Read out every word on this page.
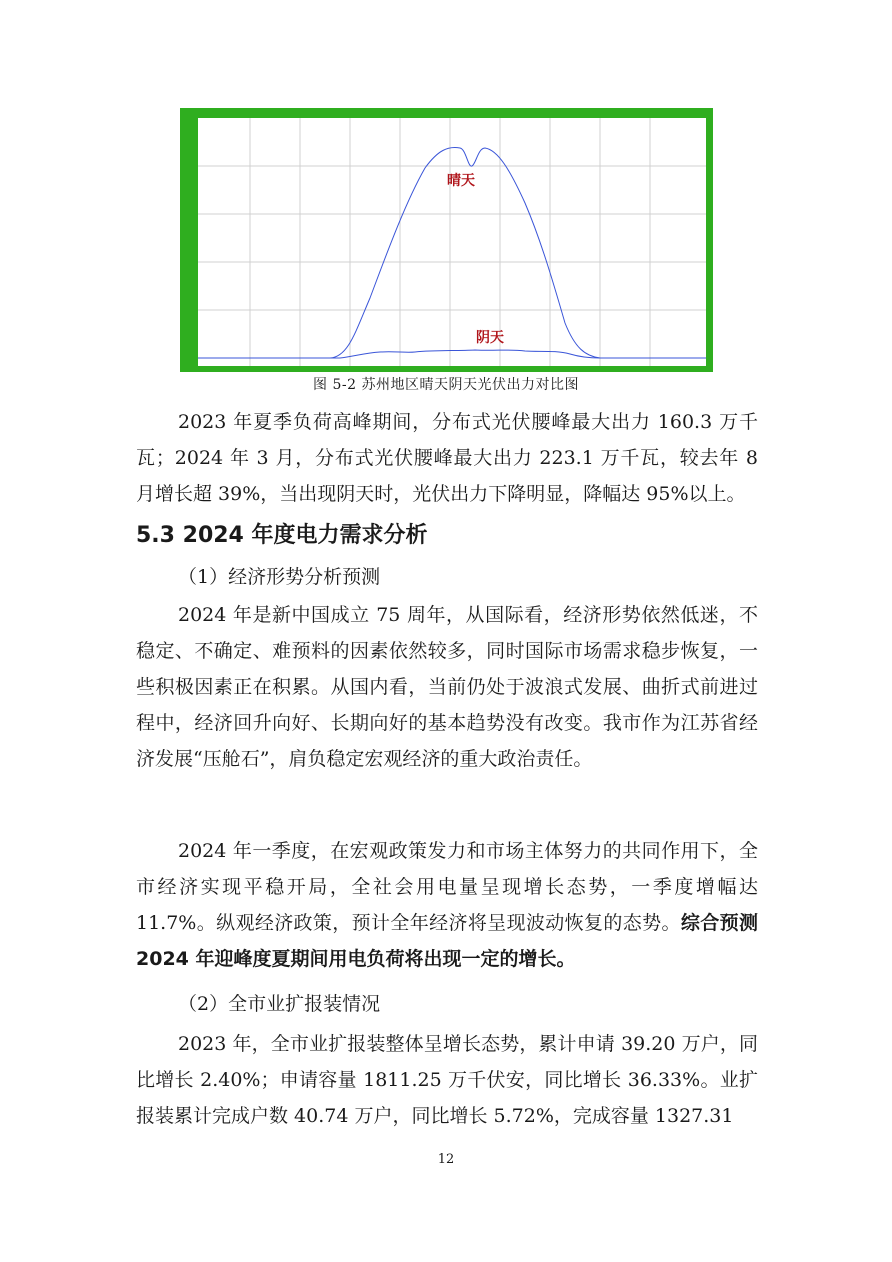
晴天
阴天
图 5-2 苏州地区晴天阴天光伏出力对比图

2023 年夏季负荷高峰期间，分布式光伏腰峰最大出力 160.3 万千瓦；2024 年 3 月，分布式光伏腰峰最大出力 223.1 万千瓦，较去年 8 月增长超 39%，当出现阴天时，光伏出力下降明显，降幅达 95%以上。

5.3 2024 年度电力需求分析

（1）经济形势分析预测

2024 年是新中国成立 75 周年，从国际看，经济形势依然低迷，不稳定、不确定、难预料的因素依然较多，同时国际市场需求稳步恢复，一些积极因素正在积累。从国内看，当前仍处于波浪式发展、曲折式前进过程中，经济回升向好、长期向好的基本趋势没有改变。我市作为江苏省经济发展“压舱石”，肩负稳定宏观经济的重大政治责任。

2024 年一季度，在宏观政策发力和市场主体努力的共同作用下，全市经济实现平稳开局，全社会用电量呈现增长态势，一季度增幅达 11.7%。纵观经济政策，预计全年经济将呈现波动恢复的态势。综合预测 2024 年迎峰度夏期间用电负荷将出现一定的增长。

（2）全市业扩报装情况

2023 年，全市业扩报装整体呈增长态势，累计申请 39.20 万户，同比增长 2.40%；申请容量 1811.25 万千伏安，同比增长 36.33%。业扩报装累计完成户数 40.74 万户，同比增长 5.72%，完成容量 1327.31

12
